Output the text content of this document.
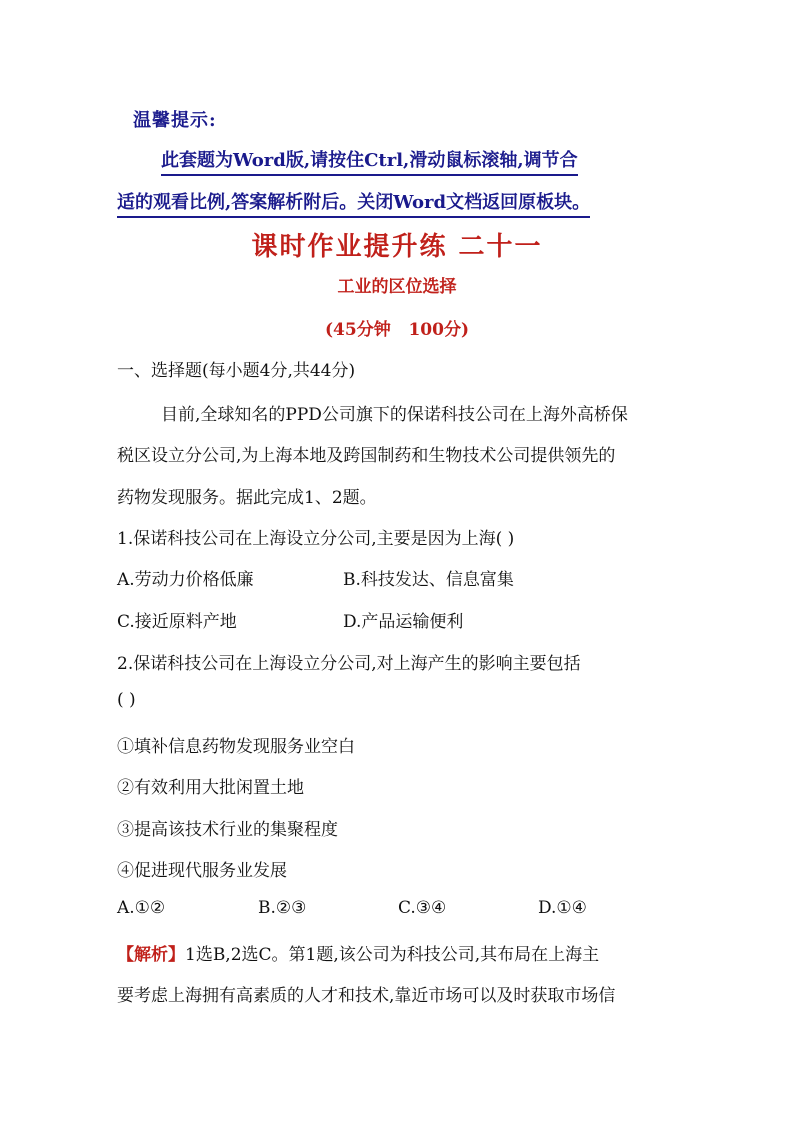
温馨提示:
此套题为Word版,请按住Ctrl,滑动鼠标滚轴,调节合
适的观看比例,答案解析附后。关闭Word文档返回原板块。
课时作业提升练 二十一
工业的区位选择
(45分钟   100分)
一、选择题(每小题4分,共44分)
目前,全球知名的PPD公司旗下的保诺科技公司在上海外高桥保
税区设立分公司,为上海本地及跨国制药和生物技术公司提供领先的
药物发现服务。据此完成1、2题。
1.保诺科技公司在上海设立分公司,主要是因为上海( )
A.劳动力价格低廉	B.科技发达、信息富集
C.接近原料产地	D.产品运输便利
2.保诺科技公司在上海设立分公司,对上海产生的影响主要包括
( )
①填补信息药物发现服务业空白
②有效利用大批闲置土地
③提高该技术行业的集聚程度
④促进现代服务业发展
A.①②	B.②③	C.③④	D.①④
【解析】1选B,2选C。第1题,该公司为科技公司,其布局在上海主
要考虑上海拥有高素质的人才和技术,靠近市场可以及时获取市场信
